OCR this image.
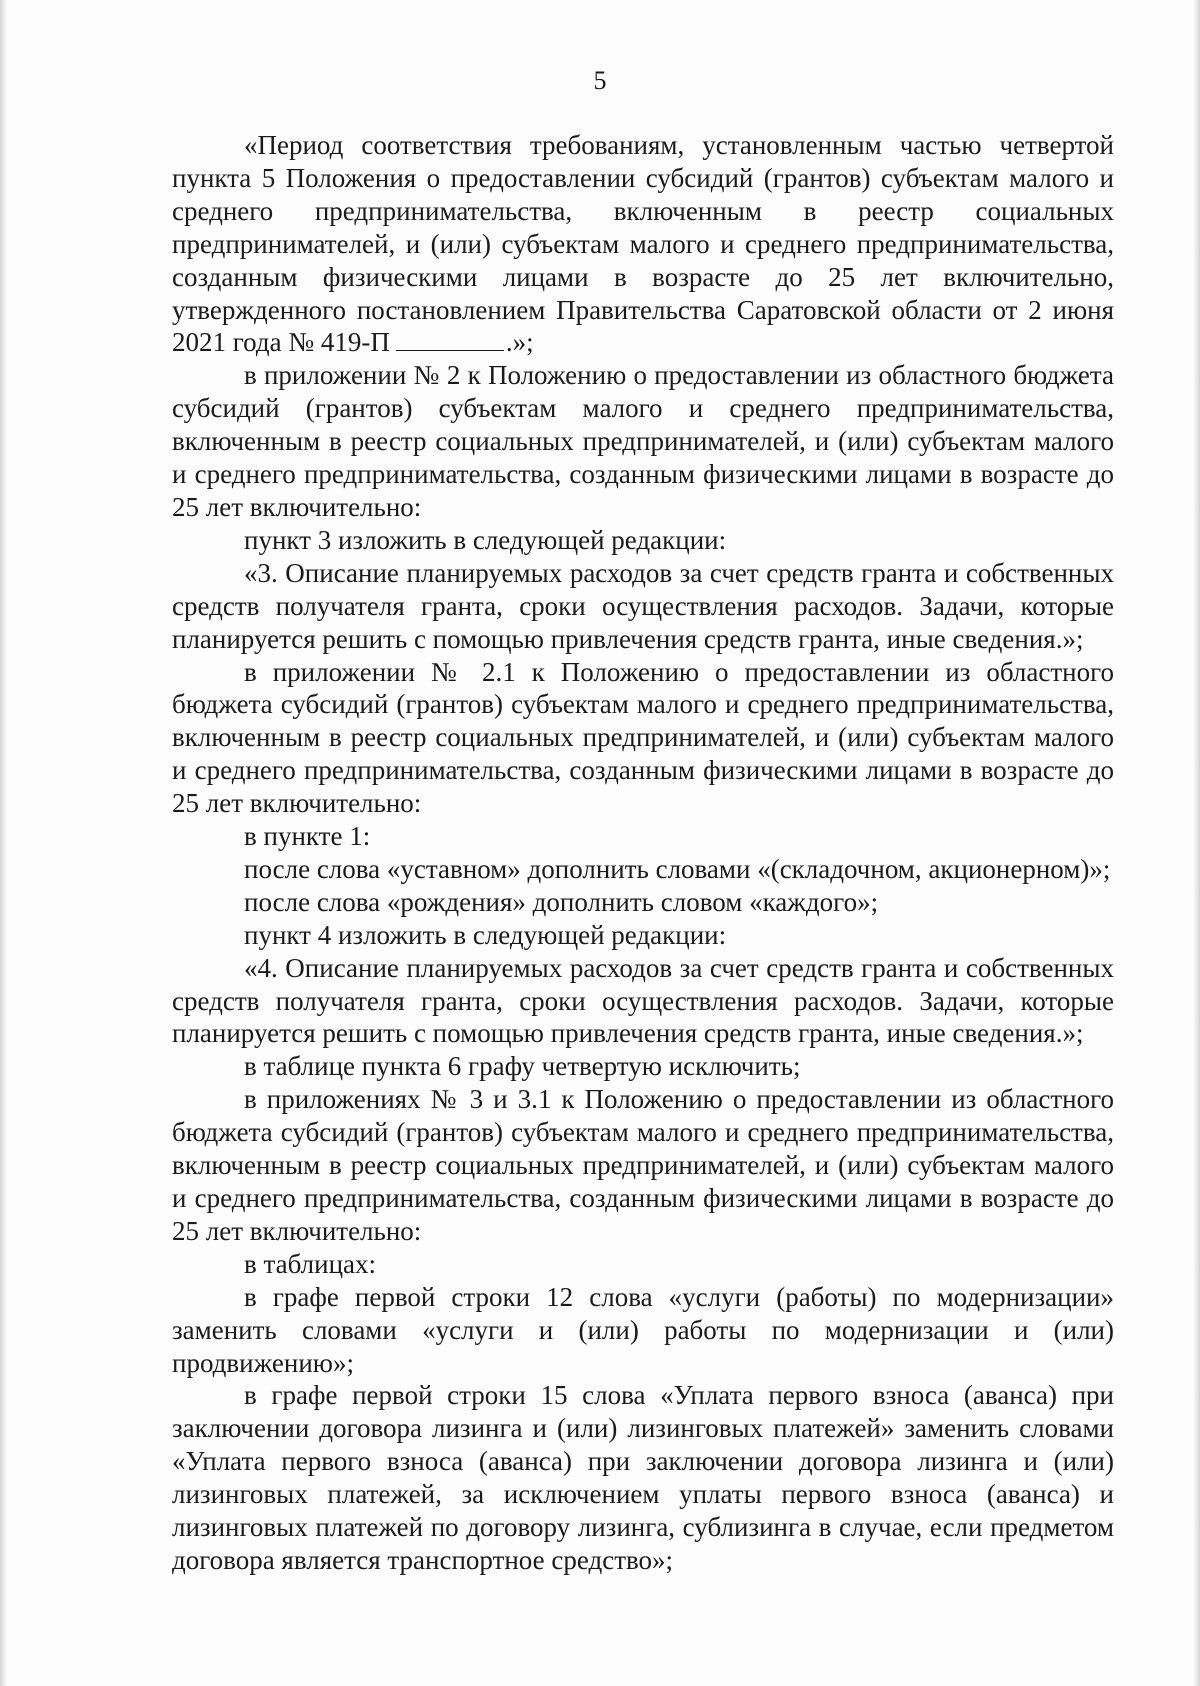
5

«Период соответствия требованиям, установленным частью четвертой пункта 5 Положения о предоставлении субсидий (грантов) субъектам малого и среднего предпринимательства, включенным в реестр социальных предпринимателей, и (или) субъектам малого и среднего предпринимательства, созданным физическими лицами в возрасте до 25 лет включительно, утвержденного постановлением Правительства Саратовской области от 2 июня 2021 года № 419-П	.»;

в приложении № 2 к Положению о предоставлении из областного бюджета субсидий (грантов) субъектам малого и среднего предпринимательства, включенным в реестр социальных предпринимателей, и (или) субъектам малого и среднего предпринимательства, созданным физическими лицами в возрасте до 25 лет включительно:

пункт 3 изложить в следующей редакции:

«3. Описание планируемых расходов за счет средств гранта и собственных средств получателя гранта, сроки осуществления расходов. Задачи, которые планируется решить с помощью привлечения средств гранта, иные сведения.»;

в приложении № 2.1 к Положению о предоставлении из областного бюджета субсидий (грантов) субъектам малого и среднего предпринимательства, включенным в реестр социальных предпринимателей, и (или) субъектам малого и среднего предпринимательства, созданным физическими лицами в возрасте до 25 лет включительно:

в пункте 1:

после слова «уставном» дополнить словами «(складочном, акционерном)»;

после слова «рождения» дополнить словом «каждого»;

пункт 4 изложить в следующей редакции:

«4. Описание планируемых расходов за счет средств гранта и собственных средств получателя гранта, сроки осуществления расходов. Задачи, которые планируется решить с помощью привлечения средств гранта, иные сведения.»;

в таблице пункта 6 графу четвертую исключить;

в приложениях № 3 и 3.1 к Положению о предоставлении из областного бюджета субсидий (грантов) субъектам малого и среднего предпринимательства, включенным в реестр социальных предпринимателей, и (или) субъектам малого и среднего предпринимательства, созданным физическими лицами в возрасте до 25 лет включительно:

в таблицах:

в графе первой строки 12 слова «услуги (работы) по модернизации» заменить словами «услуги и (или) работы по модернизации и (или) продвижению»;

в графе первой строки 15 слова «Уплата первого взноса (аванса) при заключении договора лизинга и (или) лизинговых платежей» заменить словами «Уплата первого взноса (аванса) при заключении договора лизинга и (или) лизинговых платежей, за исключением уплаты первого взноса (аванса) и лизинговых платежей по договору лизинга, сублизинга в случае, если предметом договора является транспортное средство»;
